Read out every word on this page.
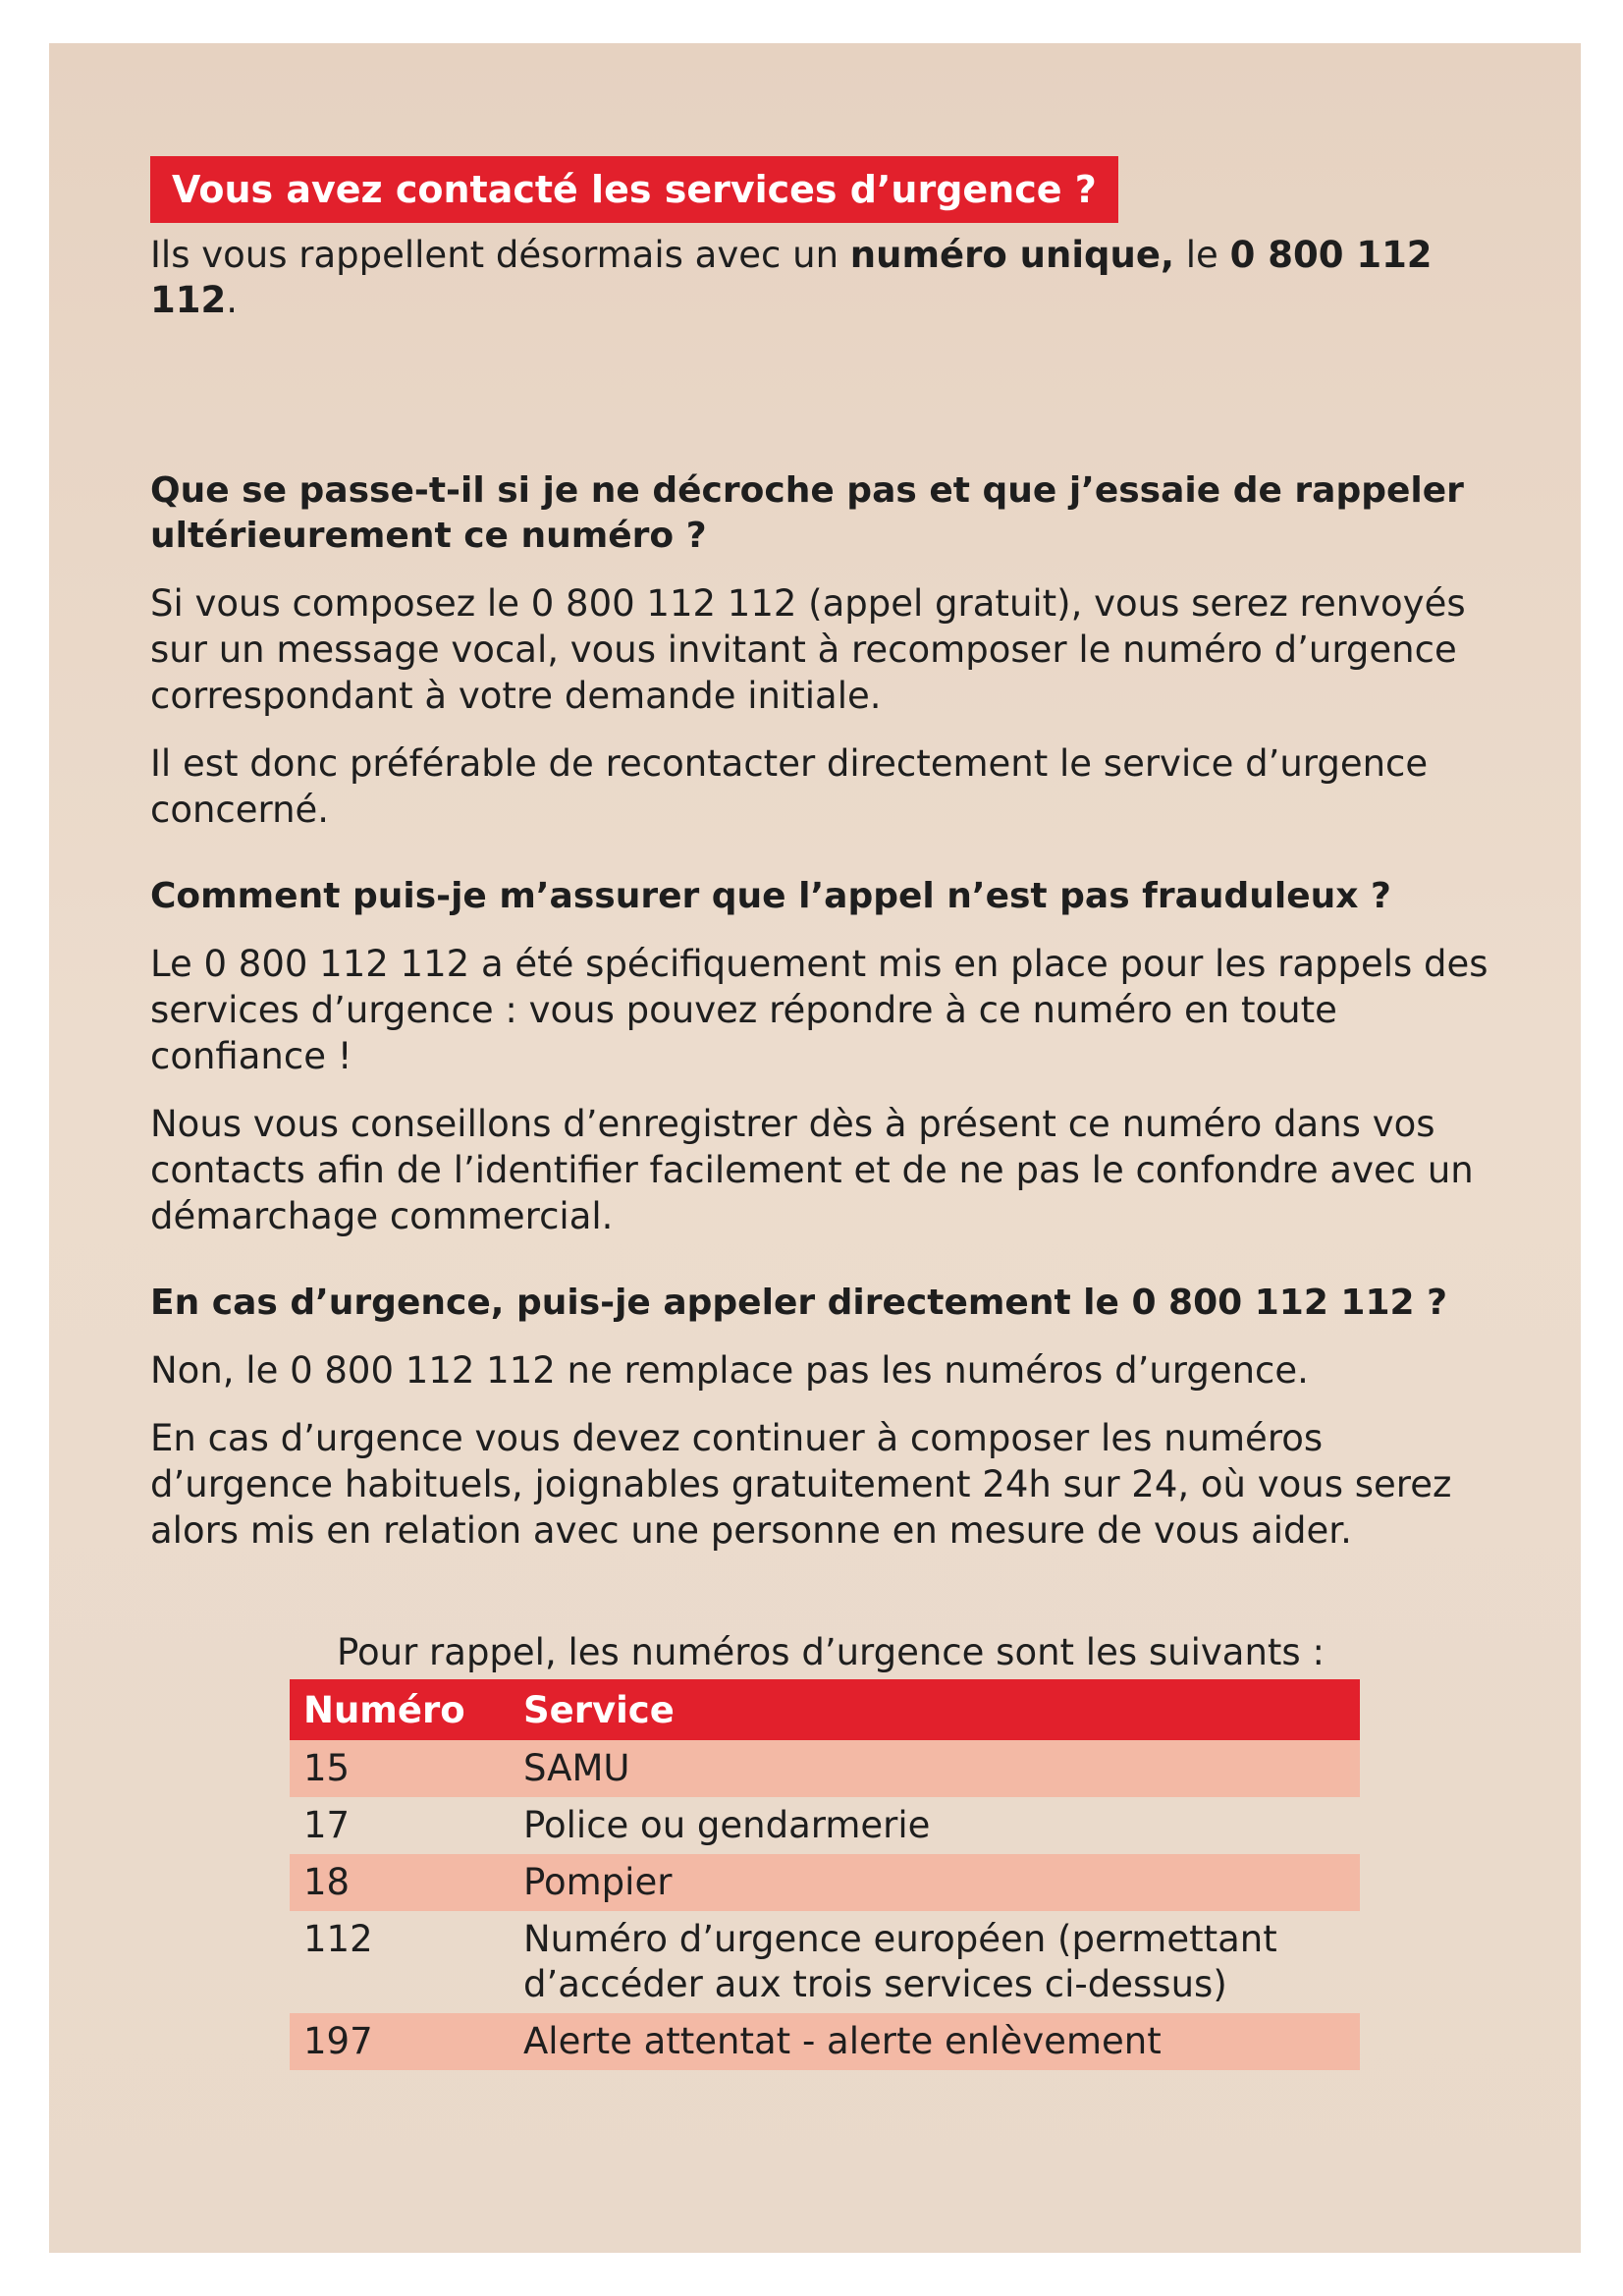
Vous avez contacté les services d’urgence ?

Ils vous rappellent désormais avec un numéro unique, le 0 800 112 112.

Que se passe-t-il si je ne décroche pas et que j’essaie de rappeler ultérieurement ce numéro ?

Si vous composez le 0 800 112 112 (appel gratuit), vous serez renvoyés sur un message vocal, vous invitant à recomposer le numéro d’urgence correspondant à votre demande initiale.

Il est donc préférable de recontacter directement le service d’urgence concerné.

Comment puis-je m’assurer que l’appel n’est pas frauduleux ?

Le 0 800 112 112 a été spécifiquement mis en place pour les rappels des services d’urgence : vous pouvez répondre à ce numéro en toute confiance !

Nous vous conseillons d’enregistrer dès à présent ce numéro dans vos contacts afin de l’identifier facilement et de ne pas le confondre avec un démarchage commercial.

En cas d’urgence, puis-je appeler directement le 0 800 112 112 ?

Non, le 0 800 112 112 ne remplace pas les numéros d’urgence.

En cas d’urgence vous devez continuer à composer les numéros d’urgence habituels, joignables gratuitement 24h sur 24, où vous serez alors mis en relation avec une personne en mesure de vous aider.

Pour rappel, les numéros d’urgence sont les suivants :

Numéro	Service
15	SAMU
17	Police ou gendarmerie
18	Pompier
112	Numéro d’urgence européen (permettant d’accéder aux trois services ci-dessus)
197	Alerte attentat - alerte enlèvement
